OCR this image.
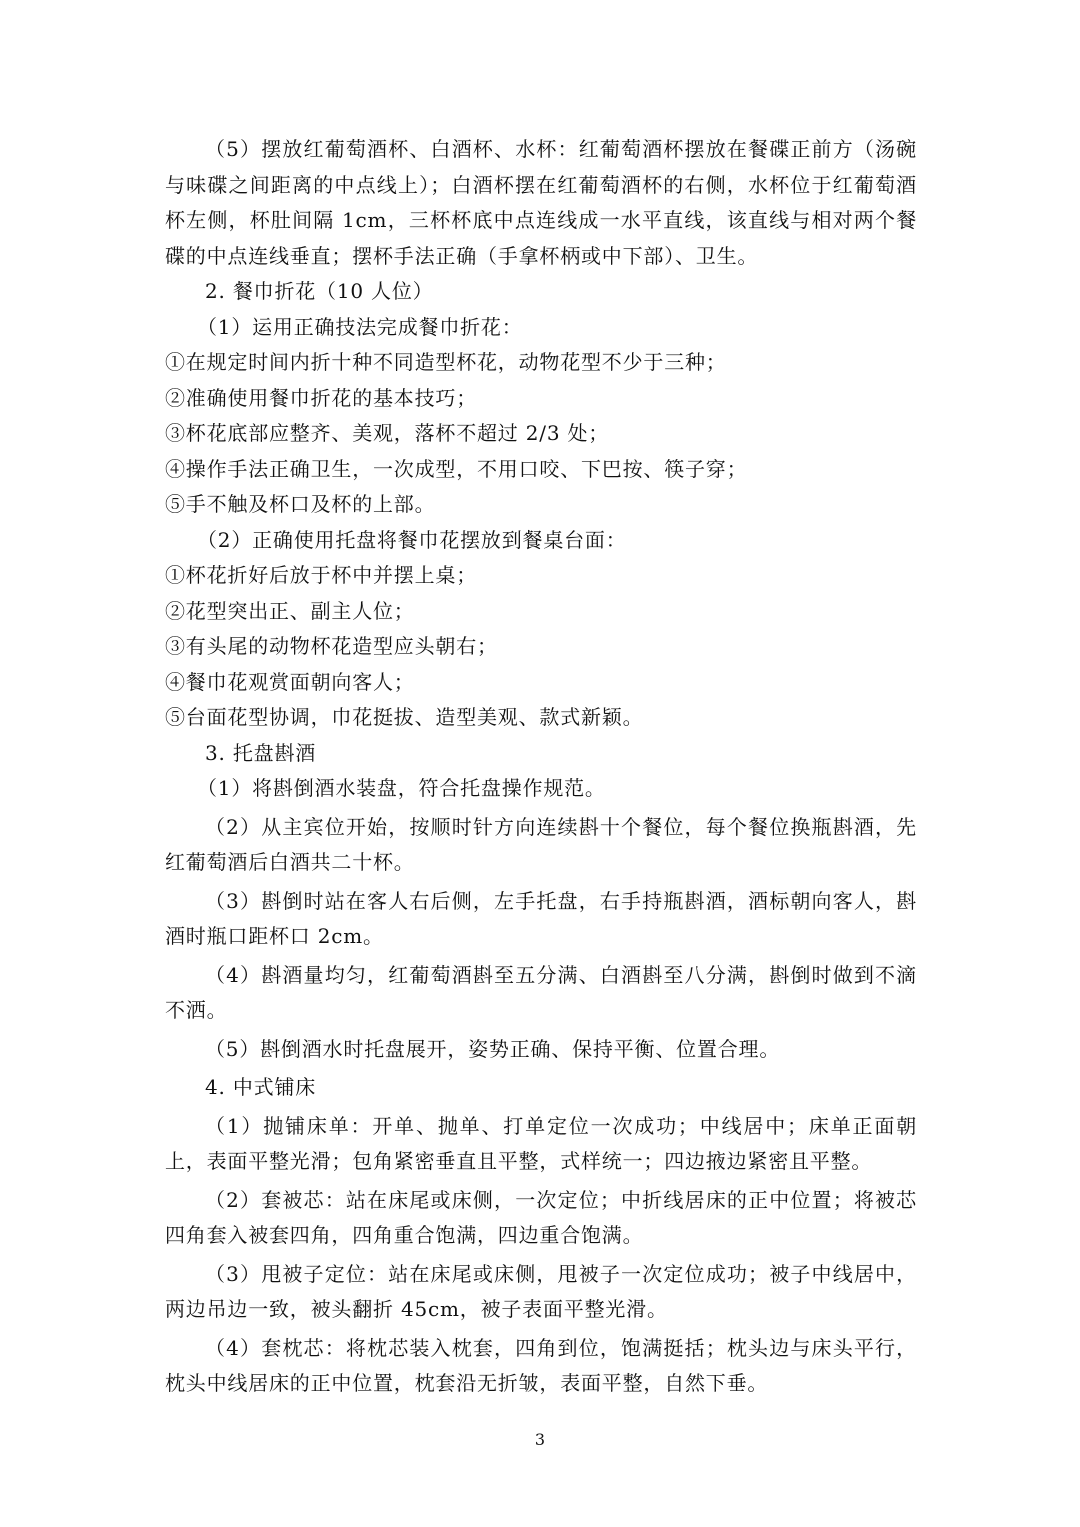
（5）摆放红葡萄酒杯、白酒杯、水杯：红葡萄酒杯摆放在餐碟正前方（汤碗与味碟之间距离的中点线上）；白酒杯摆在红葡萄酒杯的右侧，水杯位于红葡萄酒杯左侧，杯肚间隔 1cm，三杯杯底中点连线成一水平直线，该直线与相对两个餐碟的中点连线垂直；摆杯手法正确（手拿杯柄或中下部）、卫生。

2. 餐巾折花（10 人位）

（1）运用正确技法完成餐巾折花：

①在规定时间内折十种不同造型杯花，动物花型不少于三种；

②准确使用餐巾折花的基本技巧；

③杯花底部应整齐、美观，落杯不超过 2/3 处；

④操作手法正确卫生，一次成型，不用口咬、下巴按、筷子穿；

⑤手不触及杯口及杯的上部。

（2）正确使用托盘将餐巾花摆放到餐桌台面：

①杯花折好后放于杯中并摆上桌；

②花型突出正、副主人位；

③有头尾的动物杯花造型应头朝右；

④餐巾花观赏面朝向客人；

⑤台面花型协调，巾花挺拔、造型美观、款式新颖。

3. 托盘斟酒

（1）将斟倒酒水装盘，符合托盘操作规范。

（2）从主宾位开始，按顺时针方向连续斟十个餐位，每个餐位换瓶斟酒，先红葡萄酒后白酒共二十杯。

（3）斟倒时站在客人右后侧，左手托盘，右手持瓶斟酒，酒标朝向客人，斟酒时瓶口距杯口 2cm。

（4）斟酒量均匀，红葡萄酒斟至五分满、白酒斟至八分满，斟倒时做到不滴不洒。

（5）斟倒酒水时托盘展开，姿势正确、保持平衡、位置合理。

4. 中式铺床

（1）抛铺床单：开单、抛单、打单定位一次成功；中线居中；床单正面朝上，表面平整光滑；包角紧密垂直且平整，式样统一；四边掖边紧密且平整。

（2）套被芯：站在床尾或床侧，一次定位；中折线居床的正中位置；将被芯四角套入被套四角，四角重合饱满，四边重合饱满。

（3）甩被子定位：站在床尾或床侧，甩被子一次定位成功；被子中线居中，两边吊边一致，被头翻折 45cm，被子表面平整光滑。

（4）套枕芯：将枕芯装入枕套，四角到位，饱满挺括；枕头边与床头平行，枕头中线居床的正中位置，枕套沿无折皱，表面平整，自然下垂。

3
